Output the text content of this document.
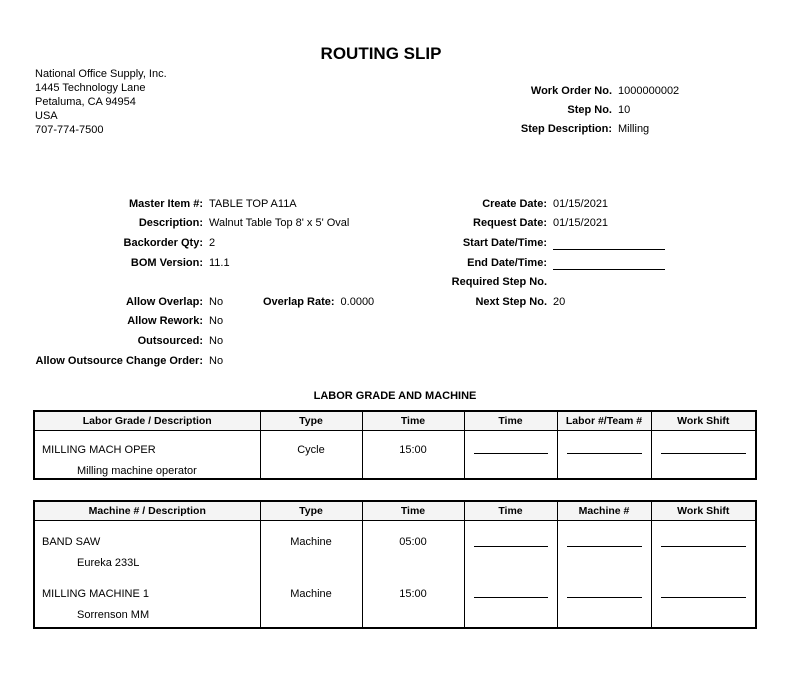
ROUTING SLIP
National Office Supply, Inc.
1445 Technology Lane
Petaluma, CA 94954
USA
707-774-7500
Work Order No. 1000000002
Step No. 10
Step Description: Milling
Master Item #: TABLE TOP A11A
Description: Walnut Table Top 8' x 5' Oval
Backorder Qty: 2
BOM Version: 11.1
Allow Overlap: No	Overlap Rate: 0.0000
Allow Rework: No
Outsourced: No
Allow Outsource Change Order: No
Create Date: 01/15/2021
Request Date: 01/15/2021
Start Date/Time:
End Date/Time:
Required Step No.
Next Step No. 20
LABOR GRADE AND MACHINE
Labor Grade / Description	Type	Time	Time	Labor #/Team #	Work Shift

MILLING MACH OPER
Milling machine operator	Cycle	15:00			

Machine # / Description	Type	Time	Time	Machine #	Work Shift

BAND SAW
Eureka 233L	Machine	05:00			

MILLING MACHINE 1
Sorrenson MM	Machine	15:00			
